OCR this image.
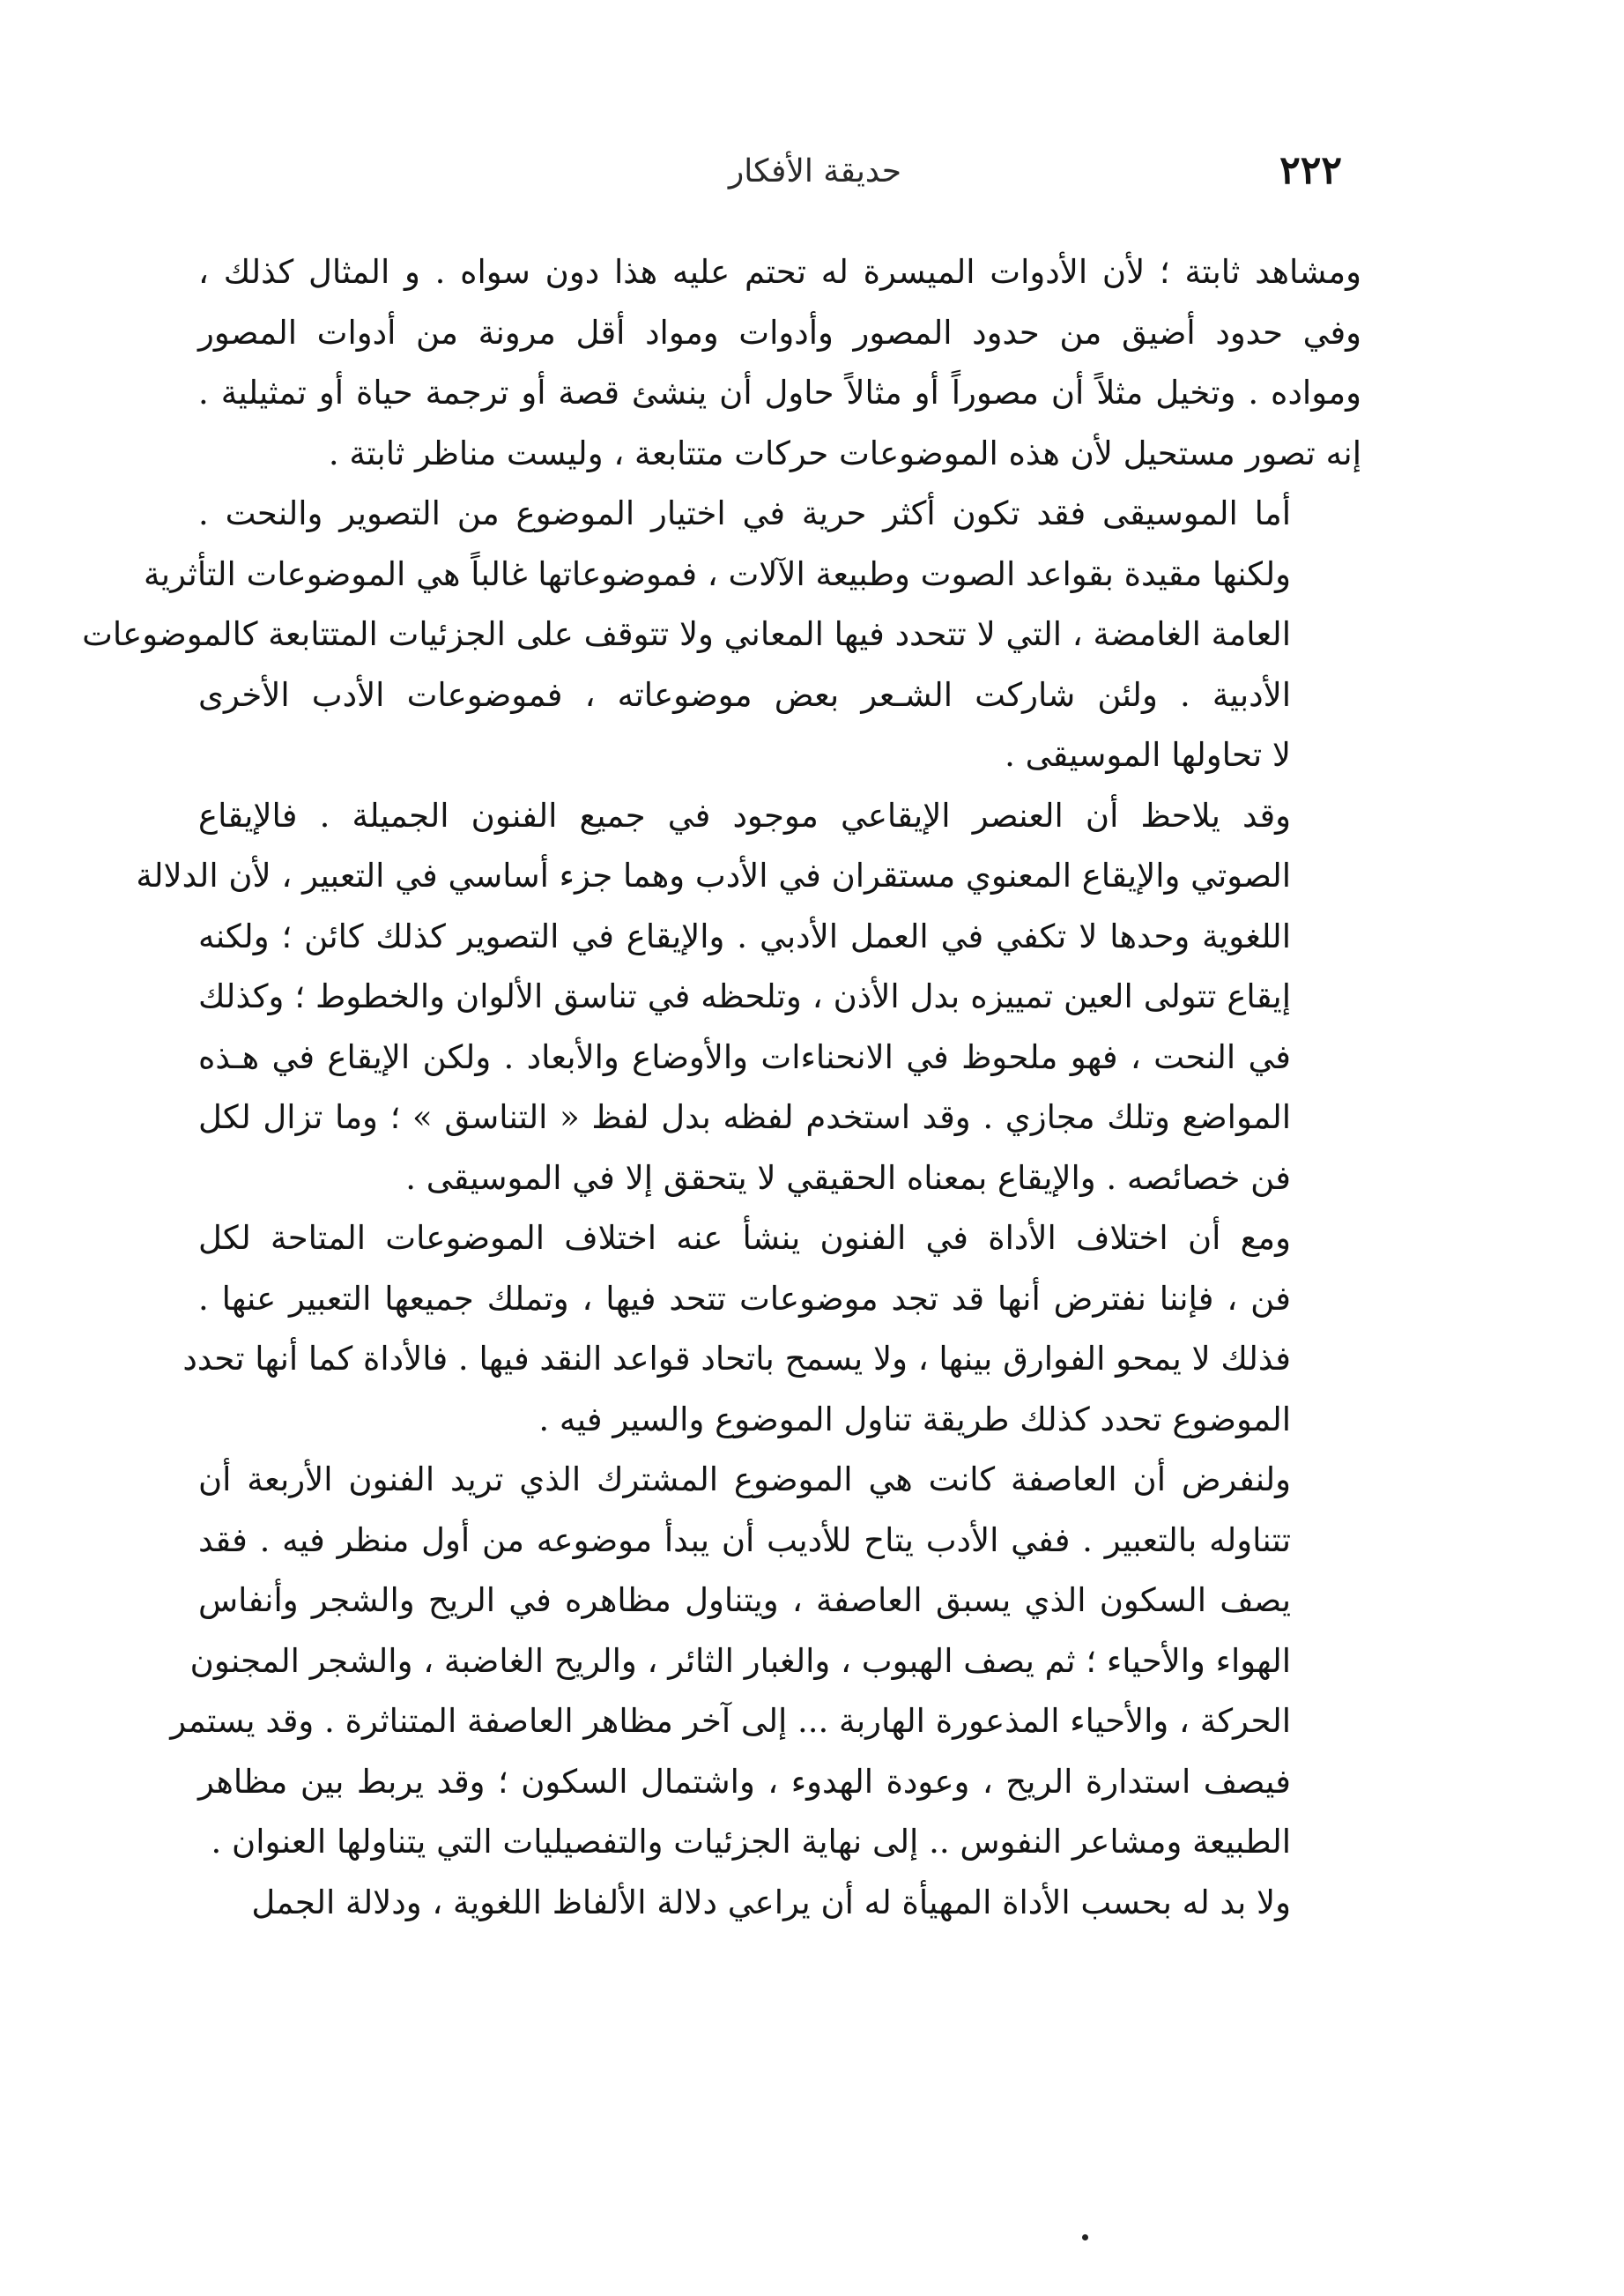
٢٢٢
حديقة الأفكار
ومشاهد ثابتة ؛ لأن الأدوات الميسرة له تحتم عليه هذا دون سواه . و المثال كذلك ،
وفي حدود أضيق من حدود المصور وأدوات ومواد أقل مرونة من أدوات المصور
ومواده . وتخيل مثلاً أن مصوراً أو مثالاً حاول أن ينشئ قصة أو ترجمة حياة أو تمثيلية .
إنه تصور مستحيل لأن هذه الموضوعات حركات متتابعة ، وليست مناظر ثابتة .
أما الموسيقى فقد تكون أكثر حرية في اختيار الموضوع من التصوير والنحت .
ولكنها مقيدة بقواعد الصوت وطبيعة الآلات ، فموضوعاتها غالباً هي الموضوعات التأثرية
العامة الغامضة ، التي لا تتحدد فيها المعاني ولا تتوقف على الجزئيات المتتابعة كالموضوعات
الأدبية . ولئن شاركت الشـعر بعض موضوعاته ، فموضوعات الأدب الأخرى
لا تحاولها الموسيقى .
وقد يلاحظ أن العنصر الإيقاعي موجود في جميع الفنون الجميلة . فالإيقاع
الصوتي والإيقاع المعنوي مستقران في الأدب وهما جزء أساسي في التعبير ، لأن الدلالة
اللغوية وحدها لا تكفي في العمل الأدبي . والإيقاع في التصوير كذلك كائن ؛ ولكنه
إيقاع تتولى العين تمييزه بدل الأذن ، وتلحظه في تناسق الألوان والخطوط ؛ وكذلك
في النحت ، فهو ملحوظ في الانحناءات والأوضاع والأبعاد . ولكن الإيقاع في هـذه
المواضع وتلك مجازي . وقد استخدم لفظه بدل لفظ « التناسق » ؛ وما تزال لكل
فن خصائصه . والإيقاع بمعناه الحقيقي لا يتحقق إلا في الموسيقى .
ومع أن اختلاف الأداة في الفنون ينشأ عنه اختلاف الموضوعات المتاحة لكل
فن ، فإننا نفترض أنها قد تجد موضوعات تتحد فيها ، وتملك جميعها التعبير عنها .
فذلك لا يمحو الفوارق بينها ، ولا يسمح باتحاد قواعد النقد فيها . فالأداة كما أنها تحدد
الموضوع تحدد كذلك طريقة تناول الموضوع والسير فيه .
ولنفرض أن العاصفة كانت هي الموضوع المشترك الذي تريد الفنون الأربعة أن
تتناوله بالتعبير . ففي الأدب يتاح للأديب أن يبدأ موضوعه من أول منظر فيه . فقد
يصف السكون الذي يسبق العاصفة ، ويتناول مظاهره في الريح والشجر وأنفاس
الهواء والأحياء ؛ ثم يصف الهبوب ، والغبار الثائر ، والريح الغاضبة ، والشجر المجنون
الحركة ، والأحياء المذعورة الهاربة ... إلى آخر مظاهر العاصفة المتناثرة . وقد يستمر
فيصف استدارة الريح ، وعودة الهدوء ، واشتمال السكون ؛ وقد يربط بين مظاهر
الطبيعة ومشاعر النفوس .. إلى نهاية الجزئيات والتفصيليات التي يتناولها العنوان .
ولا بد له بحسب الأداة المهيأة له أن يراعي دلالة الألفاظ اللغوية ، ودلالة الجمل
